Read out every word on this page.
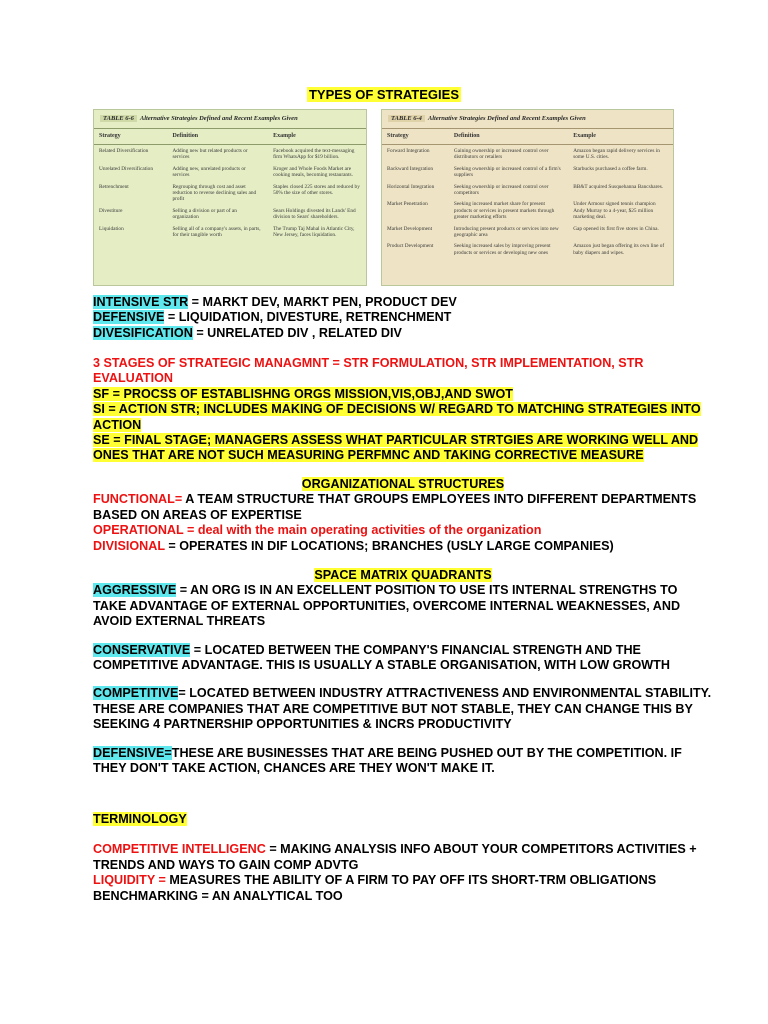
TYPES OF STRATEGIES
TABLE 6-6 Alternative Strategies Defined and Recent Examples Given
Strategy	Definition	Example
Related Diversification	Adding new but related products or services	Facebook acquired the text-messaging firm WhatsApp for $19 billion.
Unrelated Diversification	Adding new, unrelated products or services	Kroger and Whole Foods Market are cooking meals, becoming restaurants.
Retrenchment	Regrouping through cost and asset reduction to reverse declining sales and profit	Staples closed 225 stores and reduced by 50% the size of other stores.
Divestiture	Selling a division or part of an organization	Sears Holdings divested its Lands' End division to Sears' shareholders.
Liquidation	Selling all of a company's assets, in parts, for their tangible worth	The Trump Taj Mahal in Atlantic City, New Jersey, faces liquidation.
TABLE 6-4 Alternative Strategies Defined and Recent Examples Given
Strategy	Definition	Example
Forward Integration	Gaining ownership or increased control over distributors or retailers	Amazon began rapid delivery services in some U.S. cities.
Backward Integration	Seeking ownership or increased control of a firm's suppliers	Starbucks purchased a coffee farm.
Horizontal Integration	Seeking ownership or increased control over competitors	BB&T acquired Susquehanna Bancshares.
Market Penetration	Seeking increased market share for present products or services in present markets through greater marketing efforts	Under Armour signed tennis champion Andy Murray to a 4-year, $25 million marketing deal.
Market Development	Introducing present products or services into new geographic area	Gap opened its first five stores in China.
Product Development	Seeking increased sales by improving present products or services or developing new ones	Amazon just began offering its own line of baby diapers and wipes.

INTENSIVE STR = MARKT DEV, MARKT PEN, PRODUCT DEV

DEFENSIVE = LIQUIDATION, DIVESTURE, RETRENCHMENT

DIVESIFICATION = UNRELATED DIV , RELATED DIV

3 STAGES OF STRATEGIC MANAGMNT = STR FORMULATION, STR IMPLEMENTATION, STR EVALUATION

SF = PROCSS OF ESTABLISHNG ORGS MISSION,VIS,OBJ,AND SWOT

SI = ACTION STR; INCLUDES MAKING OF DECISIONS W/ REGARD TO MATCHING STRATEGIES INTO ACTION

SE = FINAL STAGE; MANAGERS ASSESS WHAT PARTICULAR STRTGIES ARE WORKING WELL AND ONES THAT ARE NOT SUCH MEASURING PERFMNC AND TAKING CORRECTIVE MEASURE

ORGANIZATIONAL STRUCTURES

FUNCTIONAL= A TEAM STRUCTURE THAT GROUPS EMPLOYEES INTO DIFFERENT DEPARTMENTS BASED ON AREAS OF EXPERTISE

OPERATIONAL = deal with the main operating activities of the organization

DIVISIONAL = OPERATES IN DIF LOCATIONS; BRANCHES (USLY LARGE COMPANIES)

SPACE MATRIX QUADRANTS

AGGRESSIVE = AN ORG IS IN AN EXCELLENT POSITION TO USE ITS INTERNAL STRENGTHS TO TAKE ADVANTAGE OF EXTERNAL OPPORTUNITIES, OVERCOME INTERNAL WEAKNESSES, AND AVOID EXTERNAL THREATS

CONSERVATIVE = LOCATED BETWEEN THE COMPANY'S FINANCIAL STRENGTH AND THE COMPETITIVE ADVANTAGE. THIS IS USUALLY A STABLE ORGANISATION, WITH LOW GROWTH

COMPETITIVE= LOCATED BETWEEN INDUSTRY ATTRACTIVENESS AND ENVIRONMENTAL STABILITY. THESE ARE COMPANIES THAT ARE COMPETITIVE BUT NOT STABLE, THEY CAN CHANGE THIS BY SEEKING 4 PARTNERSHIP OPPORTUNITIES & INCRS PRODUCTIVITY

DEFENSIVE=THESE ARE BUSINESSES THAT ARE BEING PUSHED OUT BY THE COMPETITION. IF THEY DON'T TAKE ACTION, CHANCES ARE THEY WON'T MAKE IT.

TERMINOLOGY

COMPETITIVE INTELLIGENC = MAKING ANALYSIS INFO ABOUT YOUR COMPETITORS ACTIVITIES + TRENDS AND WAYS TO GAIN COMP ADVTG

LIQUIDITY = MEASURES THE ABILITY OF A FIRM TO PAY OFF ITS SHORT-TRM OBLIGATIONS

BENCHMARKING = AN ANALYTICAL TOO
